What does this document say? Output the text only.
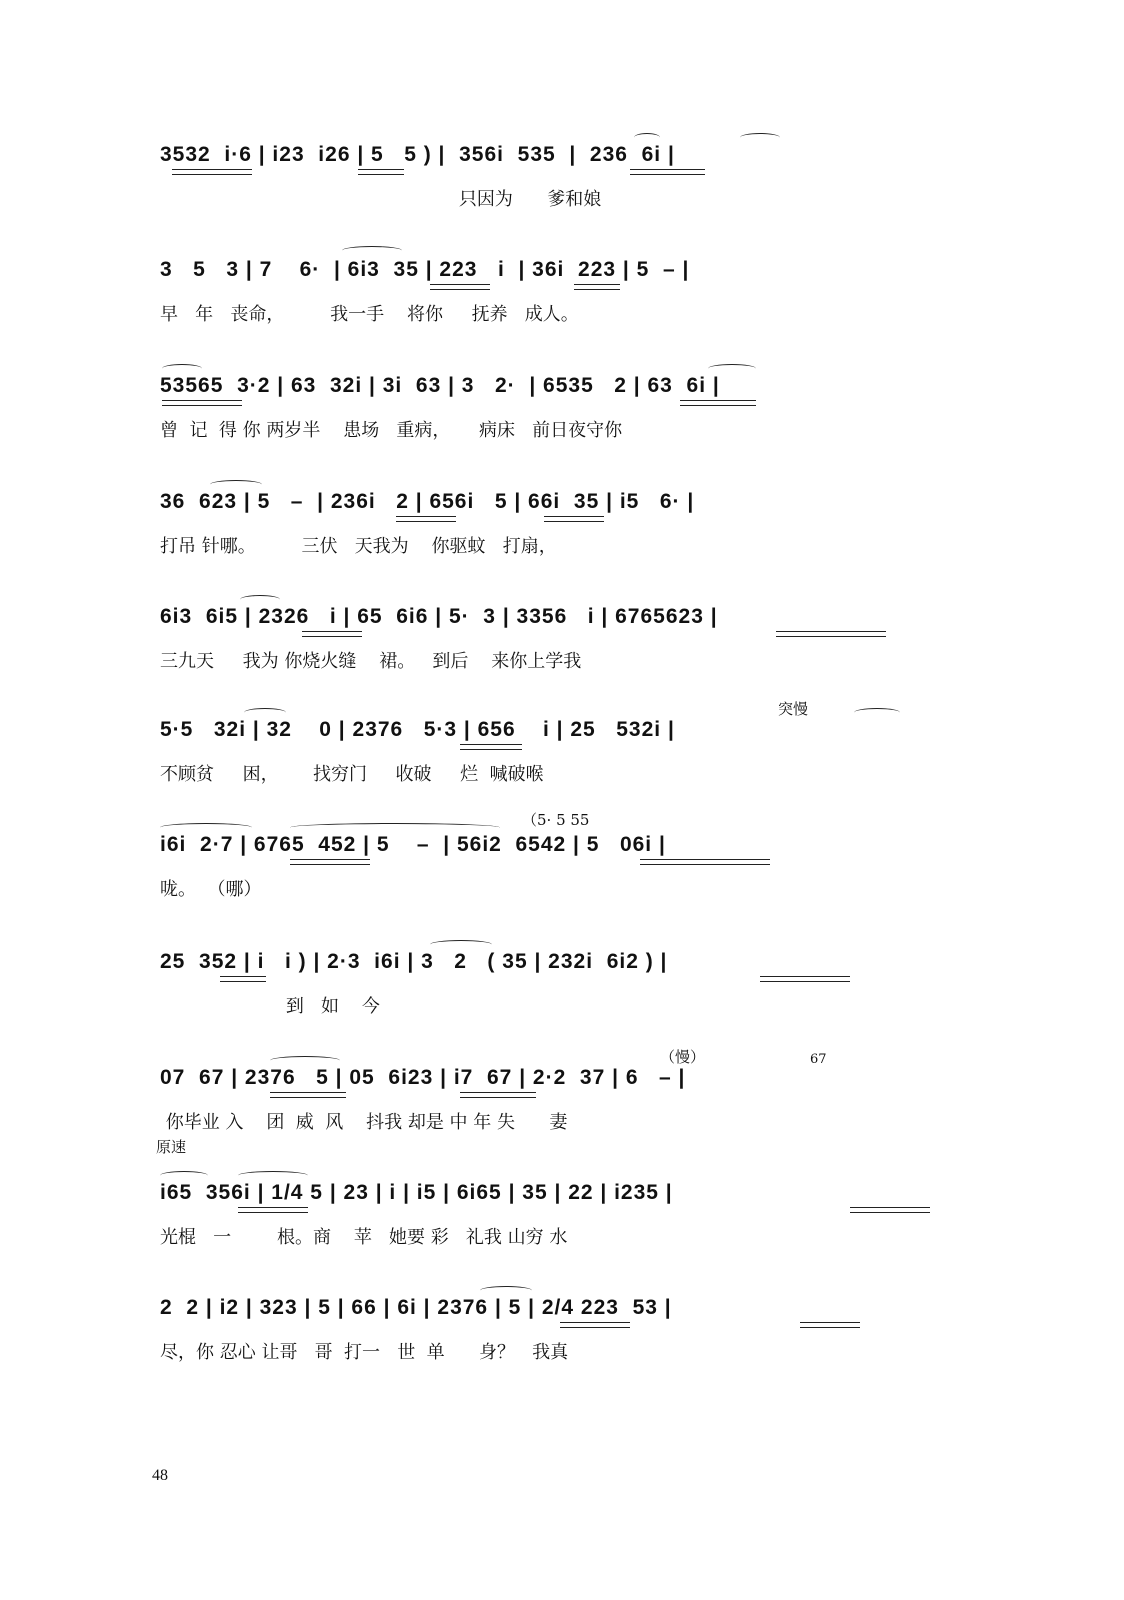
3532  i·6 | i23  i26 | 5   5 ) |  356i  535  |  236  6i |
只因为      爹和娘
3   5   3 | 7    6·  | 6i3  35 | 223   i  | 36i  223 | 5  – |
早   年   丧命，        我一手    将你     抚养   成人。
53565  3·2 | 63  32i | 3i  63 | 3   2·  | 6535   2 | 63  6i |
曾  记  得 你 两岁半    患场   重病，     病床   前日夜守你
36  623 | 5   –  | 236i   2 | 656i   5 | 66i  35 | i5   6· |
打吊 针哪。        三伏   天我为    你驱蚊   打扇，
6i3  6i5 | 2326   i | 65  6i6 | 5·  3 | 3356   i | 6765623 |
三九天     我为 你烧火缝    裙。   到后    来你上学我
突慢
5·5   32i | 32    0 | 2376   5·3 | 656    i | 25   532i |
不顾贫     困，      找穷门     收破     烂  喊破喉
（5· 5 55
i6i  2·7 | 6765  452 | 5    –  | 56i2  6542 | 5   06i |
咙。  （哪）
25  352 | i   i ) | 2·3  i6i | 3   2   ( 35 | 232i  6i2 ) |
到   如    今
（慢）	67
07  67 | 2376   5 | 05  6i23 | i7  67 | 2·2  37 | 6   – |
你毕业 入    团  威  风    抖我 却是 中 年 失      妻
原速
i65  356i | 1/4 5 | 23 | i | i5 | 6i65 | 35 | 22 | i235 |
光棍   一        根。商    苹   她要 彩   礼我 山穷 水
2  2 | i2 | 323 | 5 | 66 | 6i | 2376 | 5 | 2/4 223  53 |
尽，你 忍心 让哥   哥  打一   世  单      身？   我真
48
